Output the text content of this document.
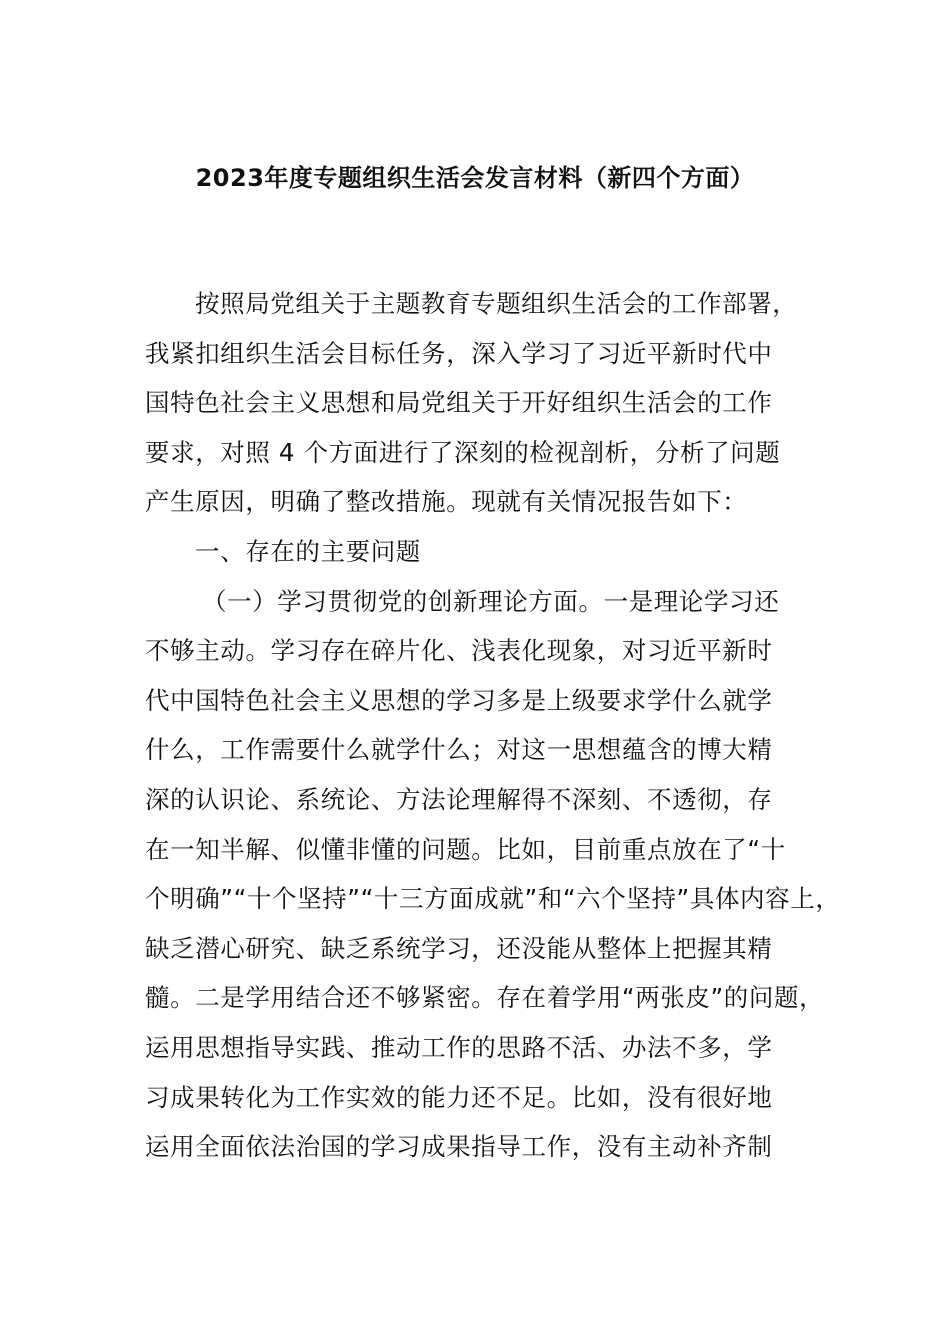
2023年度专题组织生活会发言材料（新四个方面）
按照局党组关于主题教育专题组织生活会的工作部署，
我紧扣组织生活会目标任务，深入学习了习近平新时代中
国特色社会主义思想和局党组关于开好组织生活会的工作
要求，对照 4 个方面进行了深刻的检视剖析，分析了问题
产生原因，明确了整改措施。现就有关情况报告如下：
一、存在的主要问题
（一）学习贯彻党的创新理论方面。一是理论学习还
不够主动。学习存在碎片化、浅表化现象，对习近平新时
代中国特色社会主义思想的学习多是上级要求学什么就学
什么，工作需要什么就学什么；对这一思想蕴含的博大精
深的认识论、系统论、方法论理解得不深刻、不透彻，存
在一知半解、似懂非懂的问题。比如，目前重点放在了“十
个明确”“十个坚持”“十三方面成就”和“六个坚持”具体内容上，
缺乏潜心研究、缺乏系统学习，还没能从整体上把握其精
髓。二是学用结合还不够紧密。存在着学用“两张皮”的问题，
运用思想指导实践、推动工作的思路不活、办法不多，学
习成果转化为工作实效的能力还不足。比如，没有很好地
运用全面依法治国的学习成果指导工作，没有主动补齐制
